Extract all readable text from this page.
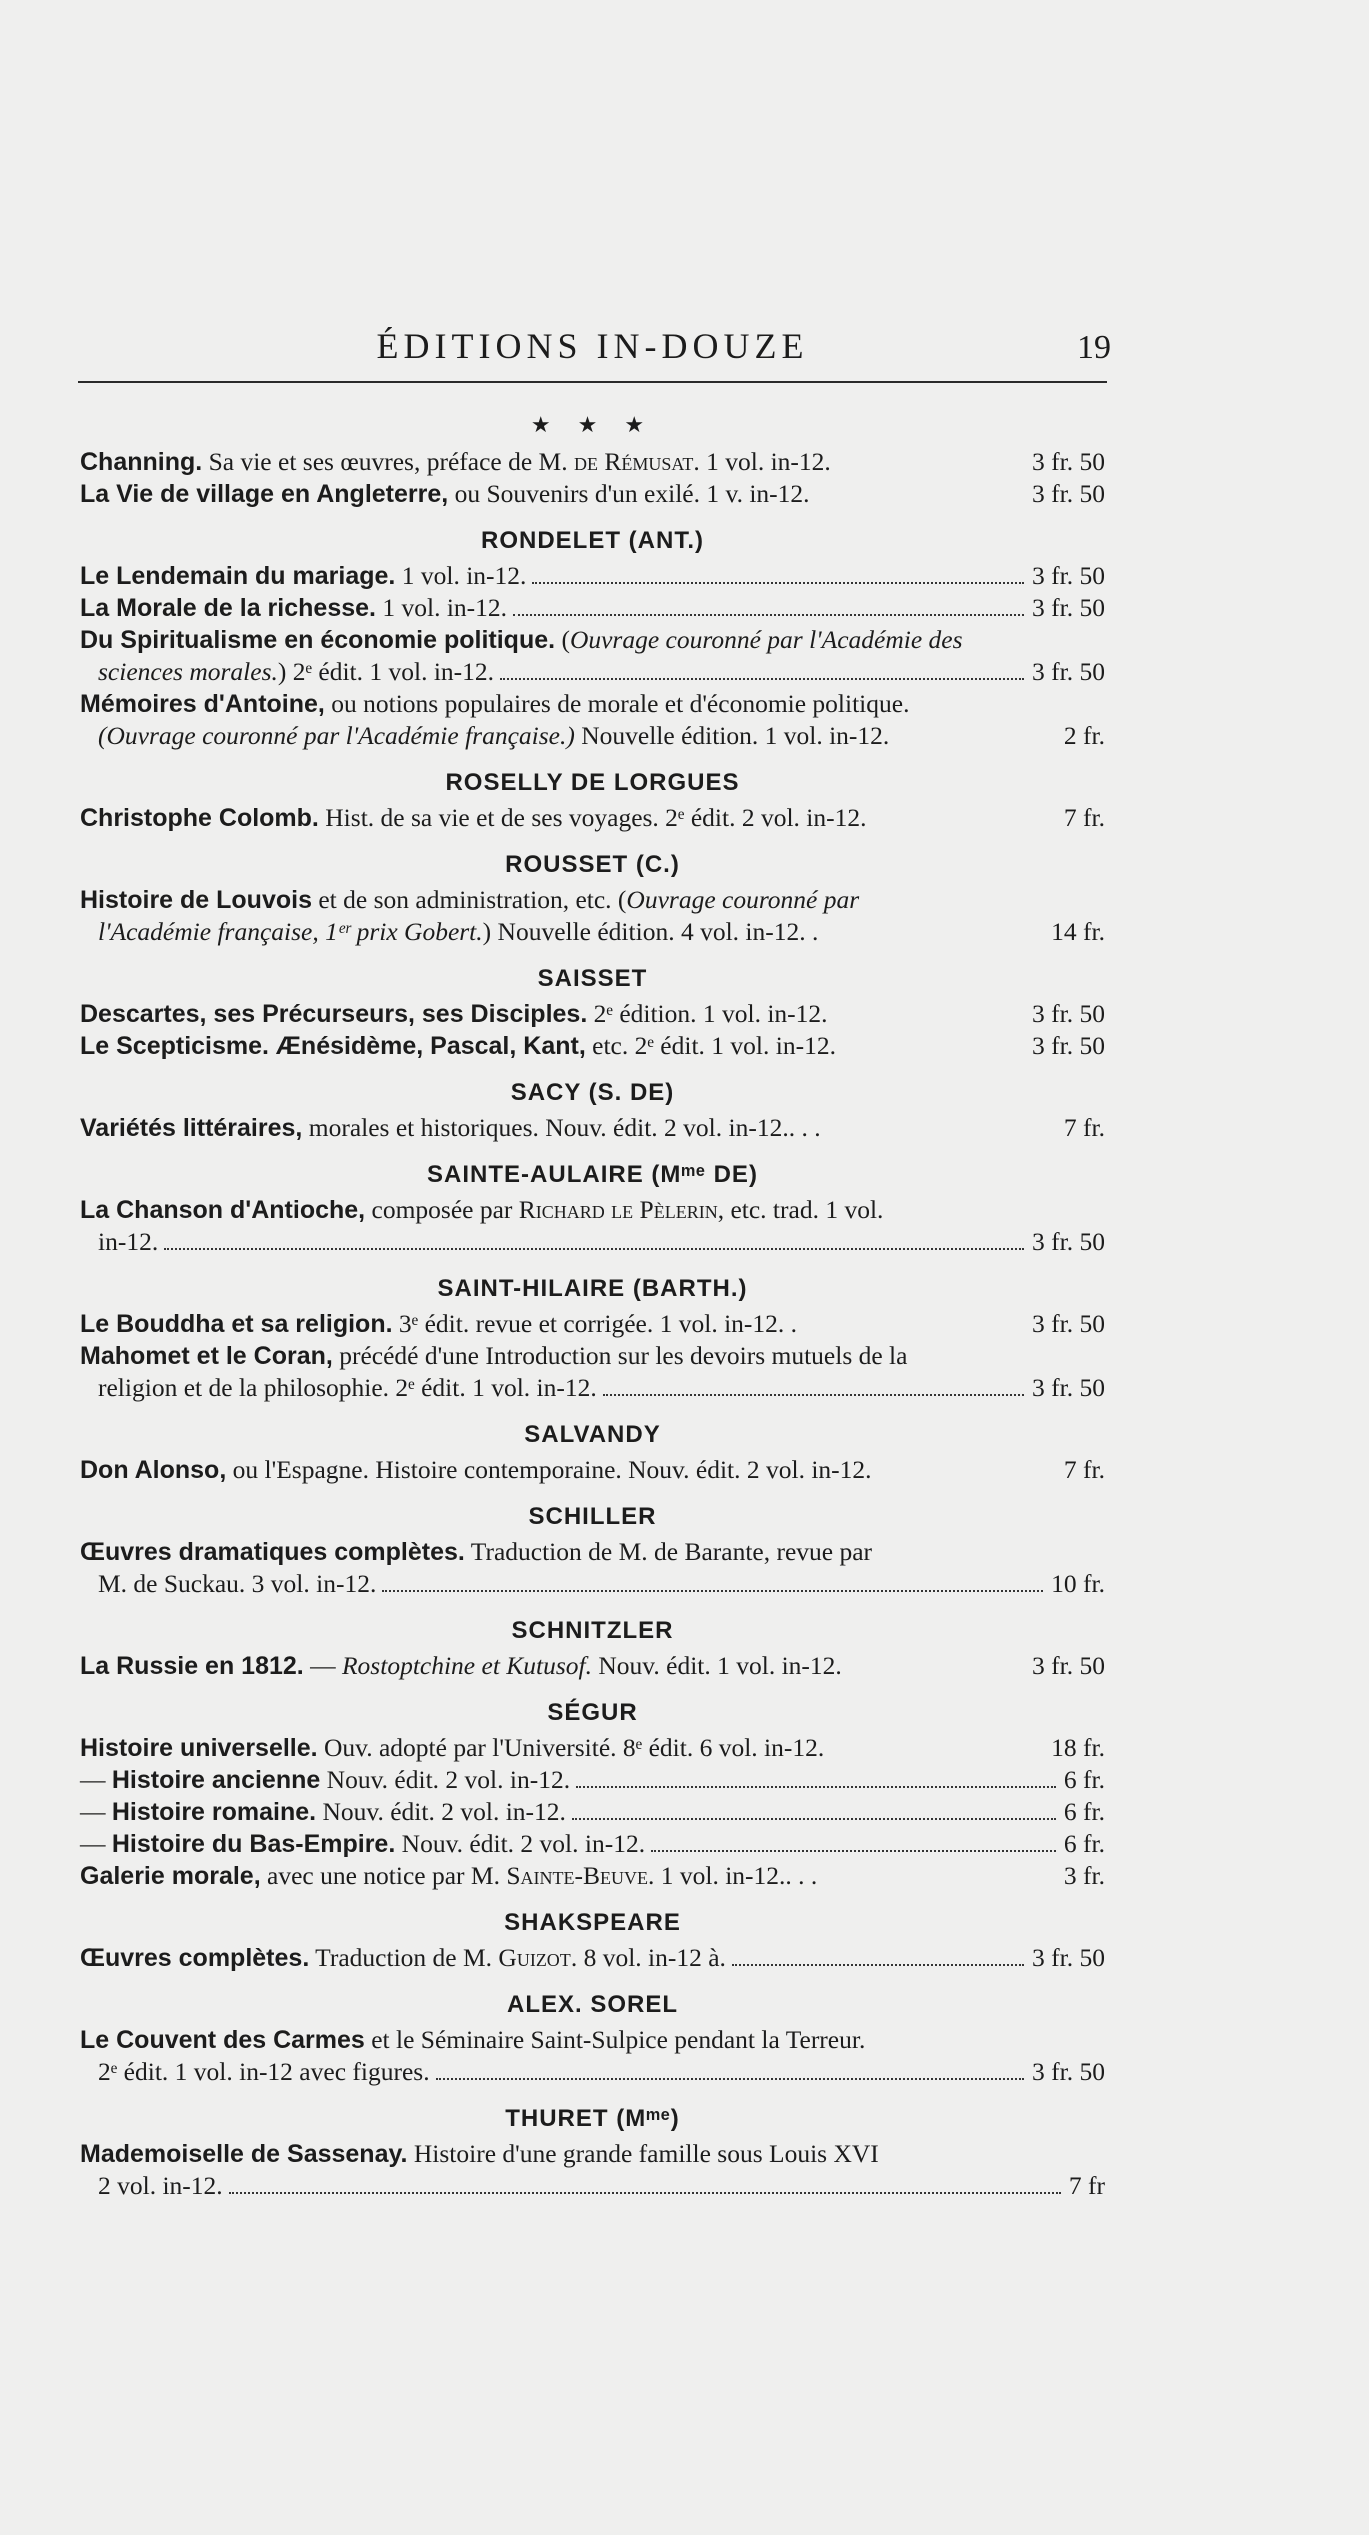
ÉDITIONS IN-DOUZE	19
★ ★ ★
Channing. Sa vie et ses œuvres, préface de M. de Rémusat. 1 vol. in-12.	3 fr. 50
La Vie de village en Angleterre, ou Souvenirs d'un exilé. 1 v. in-12.	3 fr. 50
RONDELET (ANT.)
Le Lendemain du mariage. 1 vol. in-12.	3 fr. 50
La Morale de la richesse. 1 vol. in-12.	3 fr. 50
Du Spiritualisme en économie politique. (Ouvrage couronné par l'Académie des
sciences morales.) 2ᵉ édit. 1 vol. in-12.	3 fr. 50
Mémoires d'Antoine, ou notions populaires de morale et d'économie politique.
(Ouvrage couronné par l'Académie française.) Nouvelle édition. 1 vol. in-12.	2 fr.
ROSELLY DE LORGUES
Christophe Colomb. Hist. de sa vie et de ses voyages. 2ᵉ édit. 2 vol. in-12.	7 fr.
ROUSSET (C.)
Histoire de Louvois et de son administration, etc. (Ouvrage couronné par
l'Académie française, 1ᵉʳ prix Gobert.) Nouvelle édition. 4 vol. in-12. .	14 fr.
SAISSET
Descartes, ses Précurseurs, ses Disciples. 2ᵉ édition. 1 vol. in-12.	3 fr. 50
Le Scepticisme. Ænésidème, Pascal, Kant, etc. 2ᵉ édit. 1 vol. in-12.	3 fr. 50
SACY (S. DE)
Variétés littéraires, morales et historiques. Nouv. édit. 2 vol. in-12.. . .	7 fr.
SAINTE-AULAIRE (Mᵐᵉ DE)
La Chanson d'Antioche, composée par Richard le Pèlerin, etc. trad. 1 vol.
in-12.	3 fr. 50
SAINT-HILAIRE (BARTH.)
Le Bouddha et sa religion. 3ᵉ édit. revue et corrigée. 1 vol. in-12. .	3 fr. 50
Mahomet et le Coran, précédé d'une Introduction sur les devoirs mutuels de la
religion et de la philosophie. 2ᵉ édit. 1 vol. in-12.	3 fr. 50
SALVANDY
Don Alonso, ou l'Espagne. Histoire contemporaine. Nouv. édit. 2 vol. in-12.	7 fr.
SCHILLER
Œuvres dramatiques complètes. Traduction de M. de Barante, revue par
M. de Suckau. 3 vol. in-12.	10 fr.
SCHNITZLER
La Russie en 1812. — Rostoptchine et Kutusof. Nouv. édit. 1 vol. in-12.	3 fr. 50
SÉGUR
Histoire universelle. Ouv. adopté par l'Université. 8ᵉ édit. 6 vol. in-12.	18 fr.
— Histoire ancienne Nouv. édit. 2 vol. in-12.	6 fr.
— Histoire romaine. Nouv. édit. 2 vol. in-12.	6 fr.
— Histoire du Bas-Empire. Nouv. édit. 2 vol. in-12.	6 fr.
Galerie morale, avec une notice par M. Sainte-Beuve. 1 vol. in-12.. . .	3 fr.
SHAKSPEARE
Œuvres complètes. Traduction de M. Guizot. 8 vol. in-12 à.	3 fr. 50
ALEX. SOREL
Le Couvent des Carmes et le Séminaire Saint-Sulpice pendant la Terreur.
2ᵉ édit. 1 vol. in-12 avec figures.	3 fr. 50
THURET (Mᵐᵉ)
Mademoiselle de Sassenay. Histoire d'une grande famille sous Louis XVI
2 vol. in-12.	7 fr
